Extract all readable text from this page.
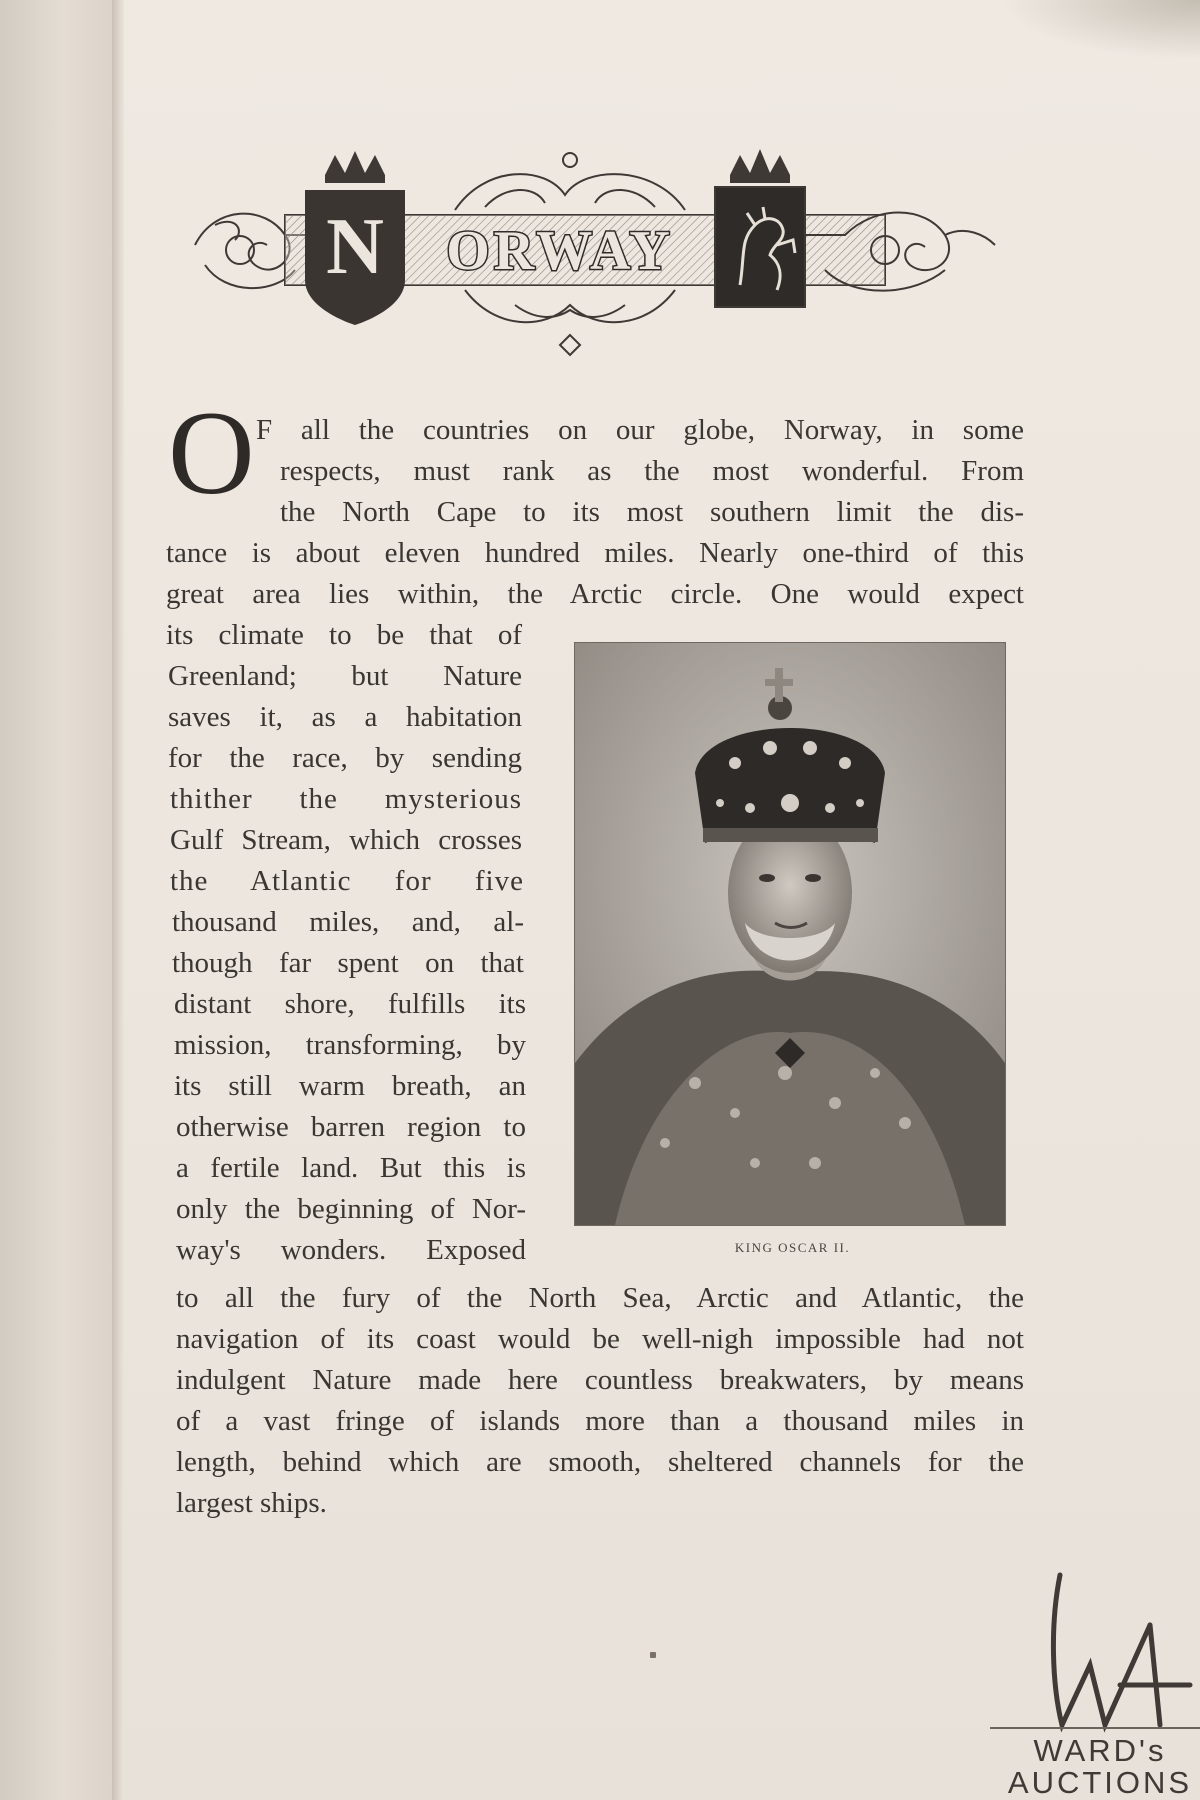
N ORWAY
O F all the countries on our globe, Norway, in some
respects, must rank as the most wonderful. From
the North Cape to its most southern limit the dis-
tance is about eleven hundred miles. Nearly one-third of this
great area lies within, the Arctic circle. One would expect
its climate to be that of
Greenland; but Nature
saves it, as a habitation
for the race, by sending
thither the mysterious
Gulf Stream, which crosses
the Atlantic for five
thousand miles, and, al-
though far spent on that
distant shore, fulfills its
mission, transforming, by
its still warm breath, an
otherwise barren region to
a fertile land. But this is
only the beginning of Nor-
way's wonders. Exposed
to all the fury of the North Sea, Arctic and Atlantic, the
navigation of its coast would be well-nigh impossible had not
indulgent Nature made here countless breakwaters, by means
of a vast fringe of islands more than a thousand miles in
length, behind which are smooth, sheltered channels for the
largest ships.
KING OSCAR II.
WARD's
AUCTIONS
